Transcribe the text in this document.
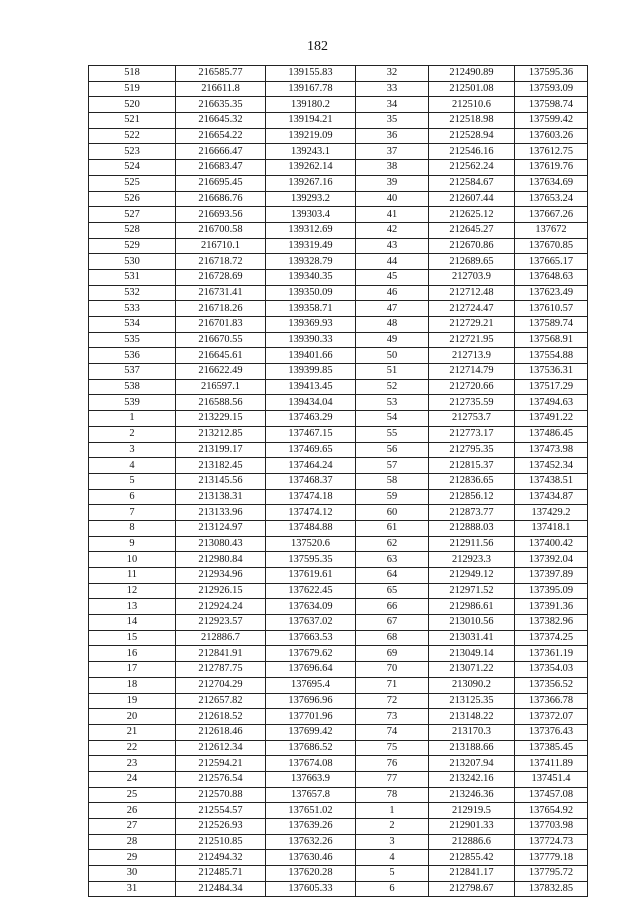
182
518	216585.77	139155.83	32	212490.89	137595.36
519	216611.8	139167.78	33	212501.08	137593.09
520	216635.35	139180.2	34	212510.6	137598.74
521	216645.32	139194.21	35	212518.98	137599.42
522	216654.22	139219.09	36	212528.94	137603.26
523	216666.47	139243.1	37	212546.16	137612.75
524	216683.47	139262.14	38	212562.24	137619.76
525	216695.45	139267.16	39	212584.67	137634.69
526	216686.76	139293.2	40	212607.44	137653.24
527	216693.56	139303.4	41	212625.12	137667.26
528	216700.58	139312.69	42	212645.27	137672
529	216710.1	139319.49	43	212670.86	137670.85
530	216718.72	139328.79	44	212689.65	137665.17
531	216728.69	139340.35	45	212703.9	137648.63
532	216731.41	139350.09	46	212712.48	137623.49
533	216718.26	139358.71	47	212724.47	137610.57
534	216701.83	139369.93	48	212729.21	137589.74
535	216670.55	139390.33	49	212721.95	137568.91
536	216645.61	139401.66	50	212713.9	137554.88
537	216622.49	139399.85	51	212714.79	137536.31
538	216597.1	139413.45	52	212720.66	137517.29
539	216588.56	139434.04	53	212735.59	137494.63
1	213229.15	137463.29	54	212753.7	137491.22
2	213212.85	137467.15	55	212773.17	137486.45
3	213199.17	137469.65	56	212795.35	137473.98
4	213182.45	137464.24	57	212815.37	137452.34
5	213145.56	137468.37	58	212836.65	137438.51
6	213138.31	137474.18	59	212856.12	137434.87
7	213133.96	137474.12	60	212873.77	137429.2
8	213124.97	137484.88	61	212888.03	137418.1
9	213080.43	137520.6	62	212911.56	137400.42
10	212980.84	137595.35	63	212923.3	137392.04
11	212934.96	137619.61	64	212949.12	137397.89
12	212926.15	137622.45	65	212971.52	137395.09
13	212924.24	137634.09	66	212986.61	137391.36
14	212923.57	137637.02	67	213010.56	137382.96
15	212886.7	137663.53	68	213031.41	137374.25
16	212841.91	137679.62	69	213049.14	137361.19
17	212787.75	137696.64	70	213071.22	137354.03
18	212704.29	137695.4	71	213090.2	137356.52
19	212657.82	137696.96	72	213125.35	137366.78
20	212618.52	137701.96	73	213148.22	137372.07
21	212618.46	137699.42	74	213170.3	137376.43
22	212612.34	137686.52	75	213188.66	137385.45
23	212594.21	137674.08	76	213207.94	137411.89
24	212576.54	137663.9	77	213242.16	137451.4
25	212570.88	137657.8	78	213246.36	137457.08
26	212554.57	137651.02	1	212919.5	137654.92
27	212526.93	137639.26	2	212901.33	137703.98
28	212510.85	137632.26	3	212886.6	137724.73
29	212494.32	137630.46	4	212855.42	137779.18
30	212485.71	137620.28	5	212841.17	137795.72
31	212484.34	137605.33	6	212798.67	137832.85
